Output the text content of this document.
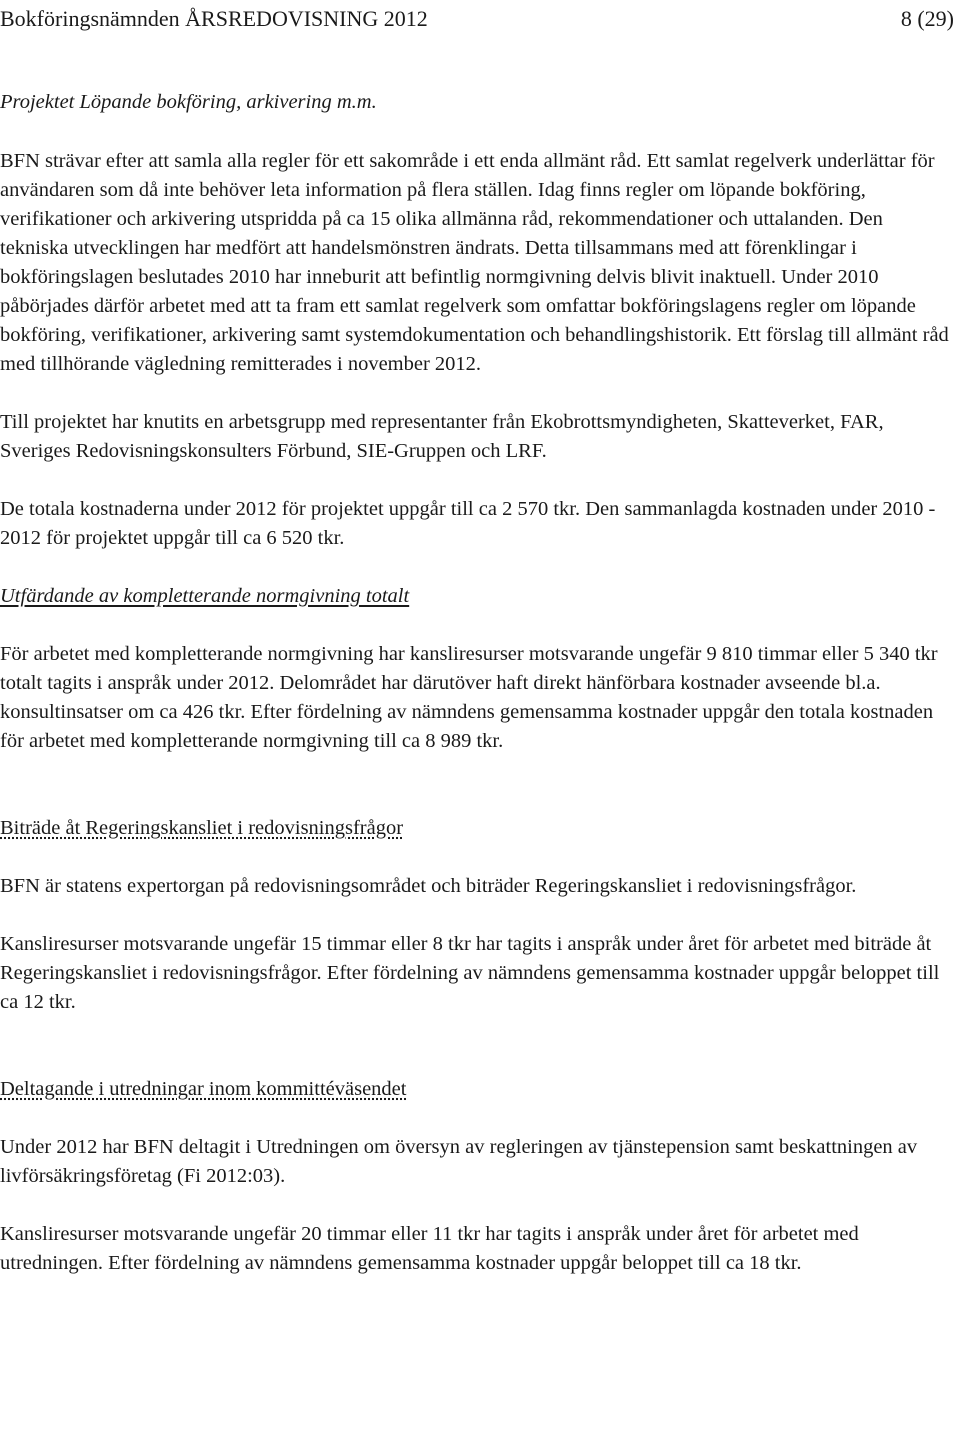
Bokföringsnämnden ÅRSREDOVISNING 2012	8 (29)

Projektet Löpande bokföring, arkivering m.m.

BFN strävar efter att samla alla regler för ett sakområde i ett enda allmänt råd. Ett samlat regelverk underlättar för användaren som då inte behöver leta information på flera ställen. Idag finns regler om löpande bokföring, verifikationer och arkivering utspridda på ca 15 olika allmänna råd, rekommendationer och uttalanden. Den tekniska utvecklingen har medfört att handelsmönstren ändrats. Detta tillsammans med att förenklingar i bokföringslagen beslutades 2010 har inneburit att befintlig normgivning delvis blivit inaktuell. Under 2010 påbörjades därför arbetet med att ta fram ett samlat regelverk som omfattar bokföringslagens regler om löpande bokföring, verifikationer, arkivering samt systemdokumentation och behandlingshistorik. Ett förslag till allmänt råd med tillhörande vägledning remitterades i november 2012.

Till projektet har knutits en arbetsgrupp med representanter från Ekobrottsmyndigheten, Skatteverket, FAR, Sveriges Redovisningskonsulters Förbund, SIE-Gruppen och LRF.

De totala kostnaderna under 2012 för projektet uppgår till ca 2 570 tkr. Den sammanlagda kostnaden under 2010 - 2012 för projektet uppgår till ca 6 520 tkr.

Utfärdande av kompletterande normgivning totalt

För arbetet med kompletterande normgivning har kansliresurser motsvarande ungefär 9 810 timmar eller 5 340 tkr totalt tagits i anspråk under 2012. Delområdet har därutöver haft direkt hänförbara kostnader avseende bl.a. konsultinsatser om ca 426 tkr. Efter fördelning av nämndens gemensamma kostnader uppgår den totala kostnaden för arbetet med kompletterande normgivning till ca 8 989 tkr.

Biträde åt Regeringskansliet i redovisningsfrågor

BFN är statens expertorgan på redovisningsområdet och biträder Regeringskansliet i redovisningsfrågor.

Kansliresurser motsvarande ungefär 15 timmar eller 8 tkr har tagits i anspråk under året för arbetet med biträde åt Regeringskansliet i redovisningsfrågor. Efter fördelning av nämndens gemensamma kostnader uppgår beloppet till ca 12 tkr.

Deltagande i utredningar inom kommittéväsendet

Under 2012 har BFN deltagit i Utredningen om översyn av regleringen av tjänstepension samt beskattningen av livförsäkringsföretag (Fi 2012:03).

Kansliresurser motsvarande ungefär 20 timmar eller 11 tkr har tagits i anspråk under året för arbetet med utredningen. Efter fördelning av nämndens gemensamma kostnader uppgår beloppet till ca 18 tkr.
